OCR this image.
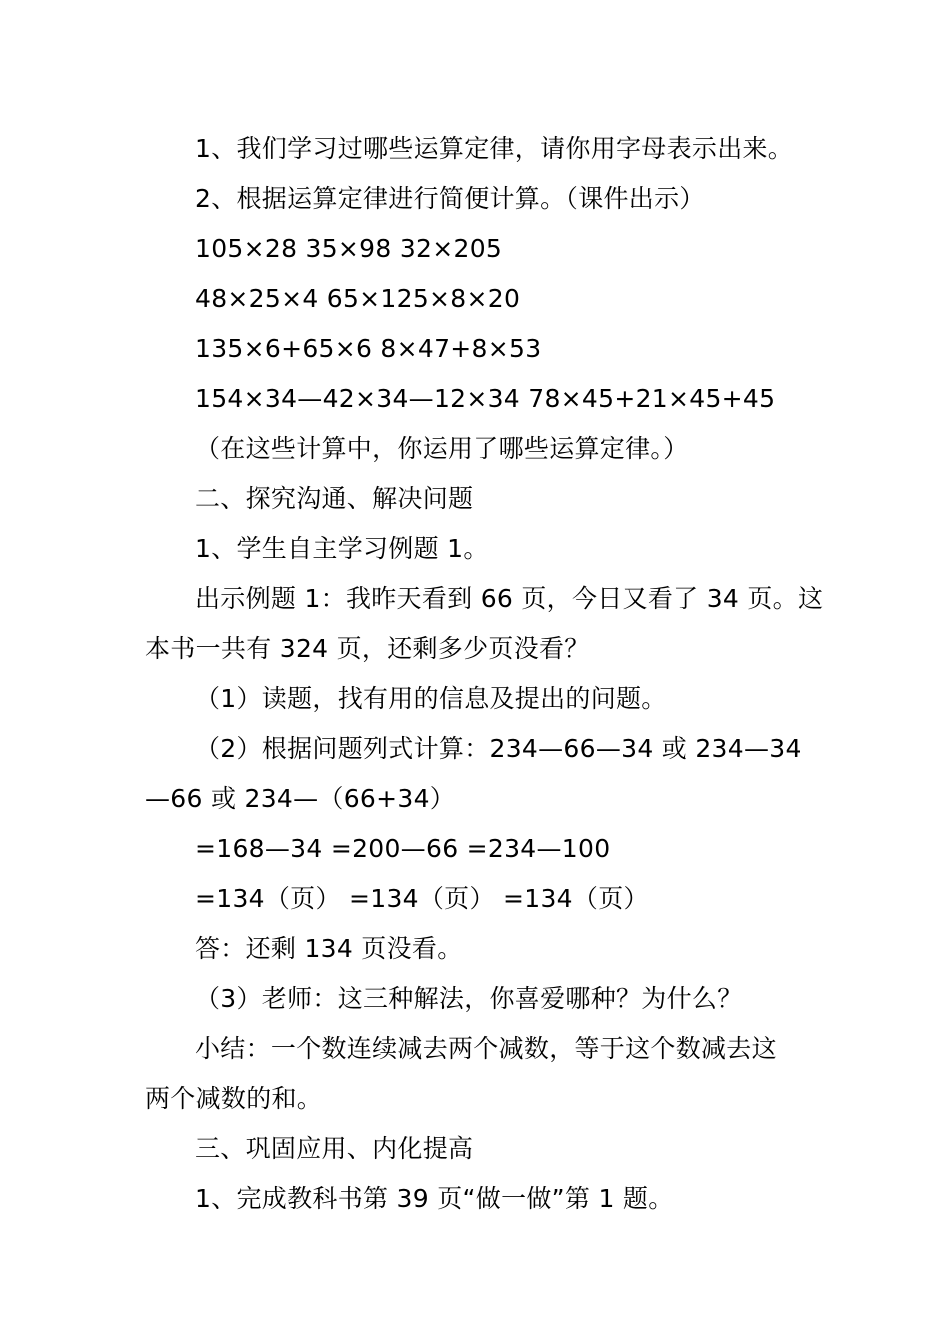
1、我们学习过哪些运算定律，请你用字母表示出来。

2、根据运算定律进行简便计算。（课件出示）

105×28 35×98 32×205

48×25×4 65×125×8×20

135×6+65×6 8×47+8×53

154×34—42×34—12×34 78×45+21×45+45

（在这些计算中，你运用了哪些运算定律。）

二、探究沟通、解决问题

1、学生自主学习例题 1。

出示例题 1：我昨天看到 66 页，今日又看了 34 页。这

本书一共有 324 页，还剩多少页没看？

（1）读题，找有用的信息及提出的问题。

（2）根据问题列式计算：234—66—34 或 234—34

—66 或 234—（66+34）

=168—34 =200—66 =234—100

=134（页） =134（页） =134（页）

答：还剩 134 页没看。

（3）老师：这三种解法，你喜爱哪种？为什么？

小结：一个数连续减去两个减数，等于这个数减去这

两个减数的和。

三、巩固应用、内化提高

1、完成教科书第 39 页“做一做”第 1 题。
